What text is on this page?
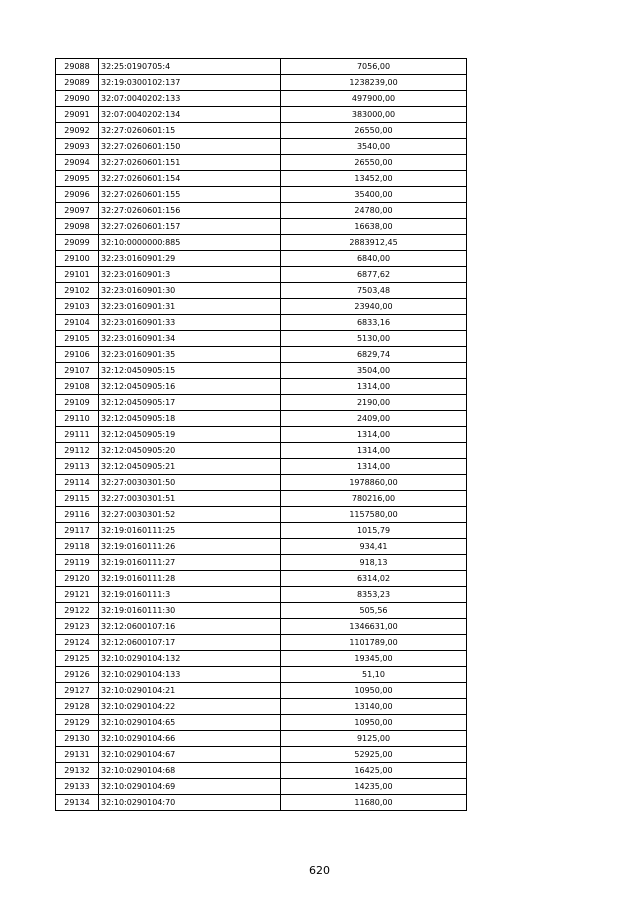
29088	32:25:0190705:4	7056,00
29089	32:19:0300102:137	1238239,00
29090	32:07:0040202:133	497900,00
29091	32:07:0040202:134	383000,00
29092	32:27:0260601:15	26550,00
29093	32:27:0260601:150	3540,00
29094	32:27:0260601:151	26550,00
29095	32:27:0260601:154	13452,00
29096	32:27:0260601:155	35400,00
29097	32:27:0260601:156	24780,00
29098	32:27:0260601:157	16638,00
29099	32:10:0000000:885	2883912,45
29100	32:23:0160901:29	6840,00
29101	32:23:0160901:3	6877,62
29102	32:23:0160901:30	7503,48
29103	32:23:0160901:31	23940,00
29104	32:23:0160901:33	6833,16
29105	32:23:0160901:34	5130,00
29106	32:23:0160901:35	6829,74
29107	32:12:0450905:15	3504,00
29108	32:12:0450905:16	1314,00
29109	32:12:0450905:17	2190,00
29110	32:12:0450905:18	2409,00
29111	32:12:0450905:19	1314,00
29112	32:12:0450905:20	1314,00
29113	32:12:0450905:21	1314,00
29114	32:27:0030301:50	1978860,00
29115	32:27:0030301:51	780216,00
29116	32:27:0030301:52	1157580,00
29117	32:19:0160111:25	1015,79
29118	32:19:0160111:26	934,41
29119	32:19:0160111:27	918,13
29120	32:19:0160111:28	6314,02
29121	32:19:0160111:3	8353,23
29122	32:19:0160111:30	505,56
29123	32:12:0600107:16	1346631,00
29124	32:12:0600107:17	1101789,00
29125	32:10:0290104:132	19345,00
29126	32:10:0290104:133	51,10
29127	32:10:0290104:21	10950,00
29128	32:10:0290104:22	13140,00
29129	32:10:0290104:65	10950,00
29130	32:10:0290104:66	9125,00
29131	32:10:0290104:67	52925,00
29132	32:10:0290104:68	16425,00
29133	32:10:0290104:69	14235,00
29134	32:10:0290104:70	11680,00
620
